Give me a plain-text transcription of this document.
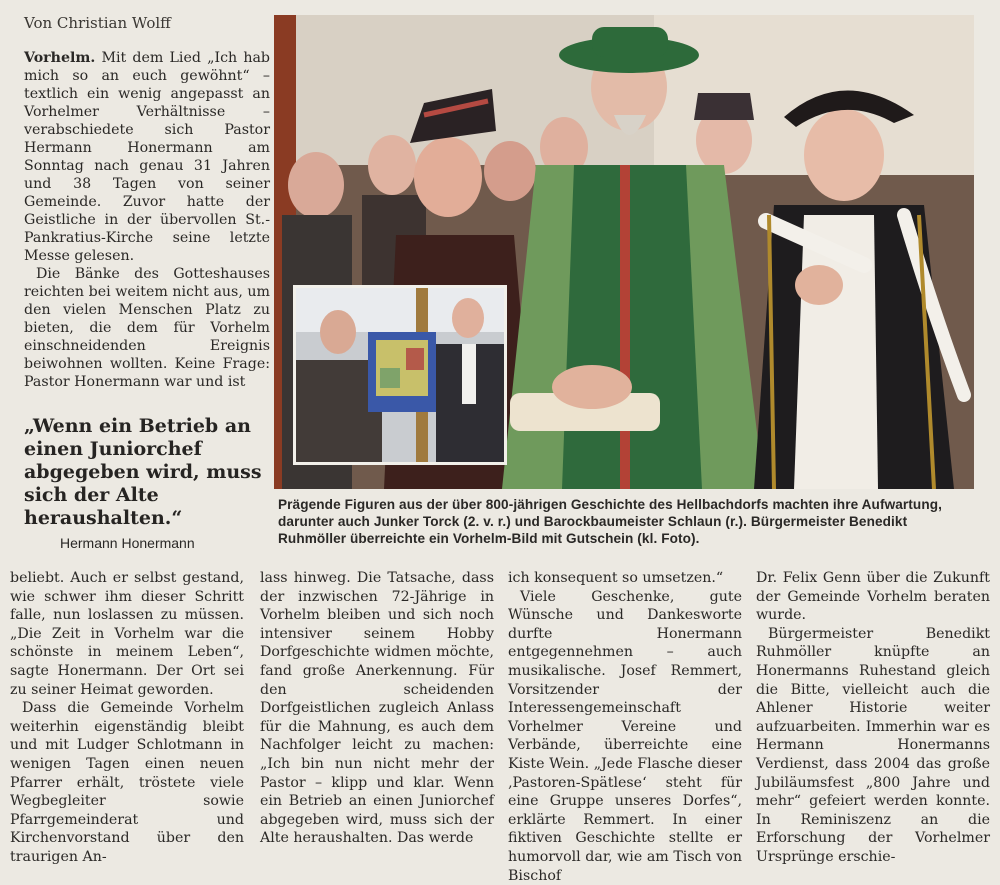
Von Christian Wolff

Vorhelm. Mit dem Lied „Ich hab mich so an euch gewöhnt“ – textlich ein wenig angepasst an Vorhelmer Verhältnisse – verabschiedete sich Pastor Hermann Honermann am Sonntag nach genau 31 Jahren und 38 Tagen von seiner Gemeinde. Zuvor hatte der Geistliche in der übervollen St.-Pankratius-Kirche seine letzte Messe gelesen.

Die Bänke des Gotteshauses reichten bei weitem nicht aus, um den vielen Menschen Platz zu bieten, die dem für Vorhelm einschneidenden Ereignis beiwohnen wollten. Keine Frage: Pastor Honermann war und ist

„Wenn ein Betrieb an einen Juniorchef abgegeben wird, muss sich der Alte heraushalten.“
Hermann Honermann
Prägende Figuren aus der über 800-jährigen Geschichte des Hellbachdorfs machten ihre Aufwartung, darunter auch Junker Torck (2. v. r.) und Barockbaumeister Schlaun (r.). Bürgermeister Benedikt Ruhmöller überreichte ein Vorhelm-Bild mit Gutschein (kl. Foto).

beliebt. Auch er selbst gestand, wie schwer ihm dieser Schritt falle, nun loslassen zu müssen. „Die Zeit in Vorhelm war die schönste in meinem Leben“, sagte Honermann. Der Ort sei zu seiner Heimat geworden.

Dass die Gemeinde Vorhelm weiterhin eigenständig bleibt und mit Ludger Schlotmann in wenigen Tagen einen neuen Pfarrer erhält, tröstete viele Wegbegleiter sowie Pfarrgemeinderat und Kirchenvorstand über den traurigen An-

lass hinweg. Die Tatsache, dass der inzwischen 72-Jährige in Vorhelm bleiben und sich noch intensiver seinem Hobby Dorfgeschichte widmen möchte, fand große Anerkennung. Für den scheidenden Dorfgeistlichen zugleich Anlass für die Mahnung, es auch dem Nachfolger leicht zu machen: „Ich bin nun nicht mehr der Pastor – klipp und klar. Wenn ein Betrieb an einen Juniorchef abgegeben wird, muss sich der Alte heraushalten. Das werde

ich konsequent so umsetzen.“

Viele Geschenke, gute Wünsche und Dankesworte durfte Honermann entgegennehmen – auch musikalische. Josef Remmert, Vorsitzender der Interessengemeinschaft Vorhelmer Vereine und Verbände, überreichte eine Kiste Wein. „Jede Flasche dieser ‚Pastoren-Spätlese‘ steht für eine Gruppe unseres Dorfes“, erklärte Remmert. In einer fiktiven Geschichte stellte er humorvoll dar, wie am Tisch von Bischof

Dr. Felix Genn über die Zukunft der Gemeinde Vorhelm beraten wurde.

Bürgermeister Benedikt Ruhmöller knüpfte an Honermanns Ruhestand gleich die Bitte, vielleicht auch die Ahlener Historie weiter aufzuarbeiten. Immerhin war es Hermann Honermanns Verdienst, dass 2004 das große Jubiläumsfest „800 Jahre und mehr“ gefeiert werden konnte. In Reminiszenz an die Erforschung der Vorhelmer Ursprünge erschie-
